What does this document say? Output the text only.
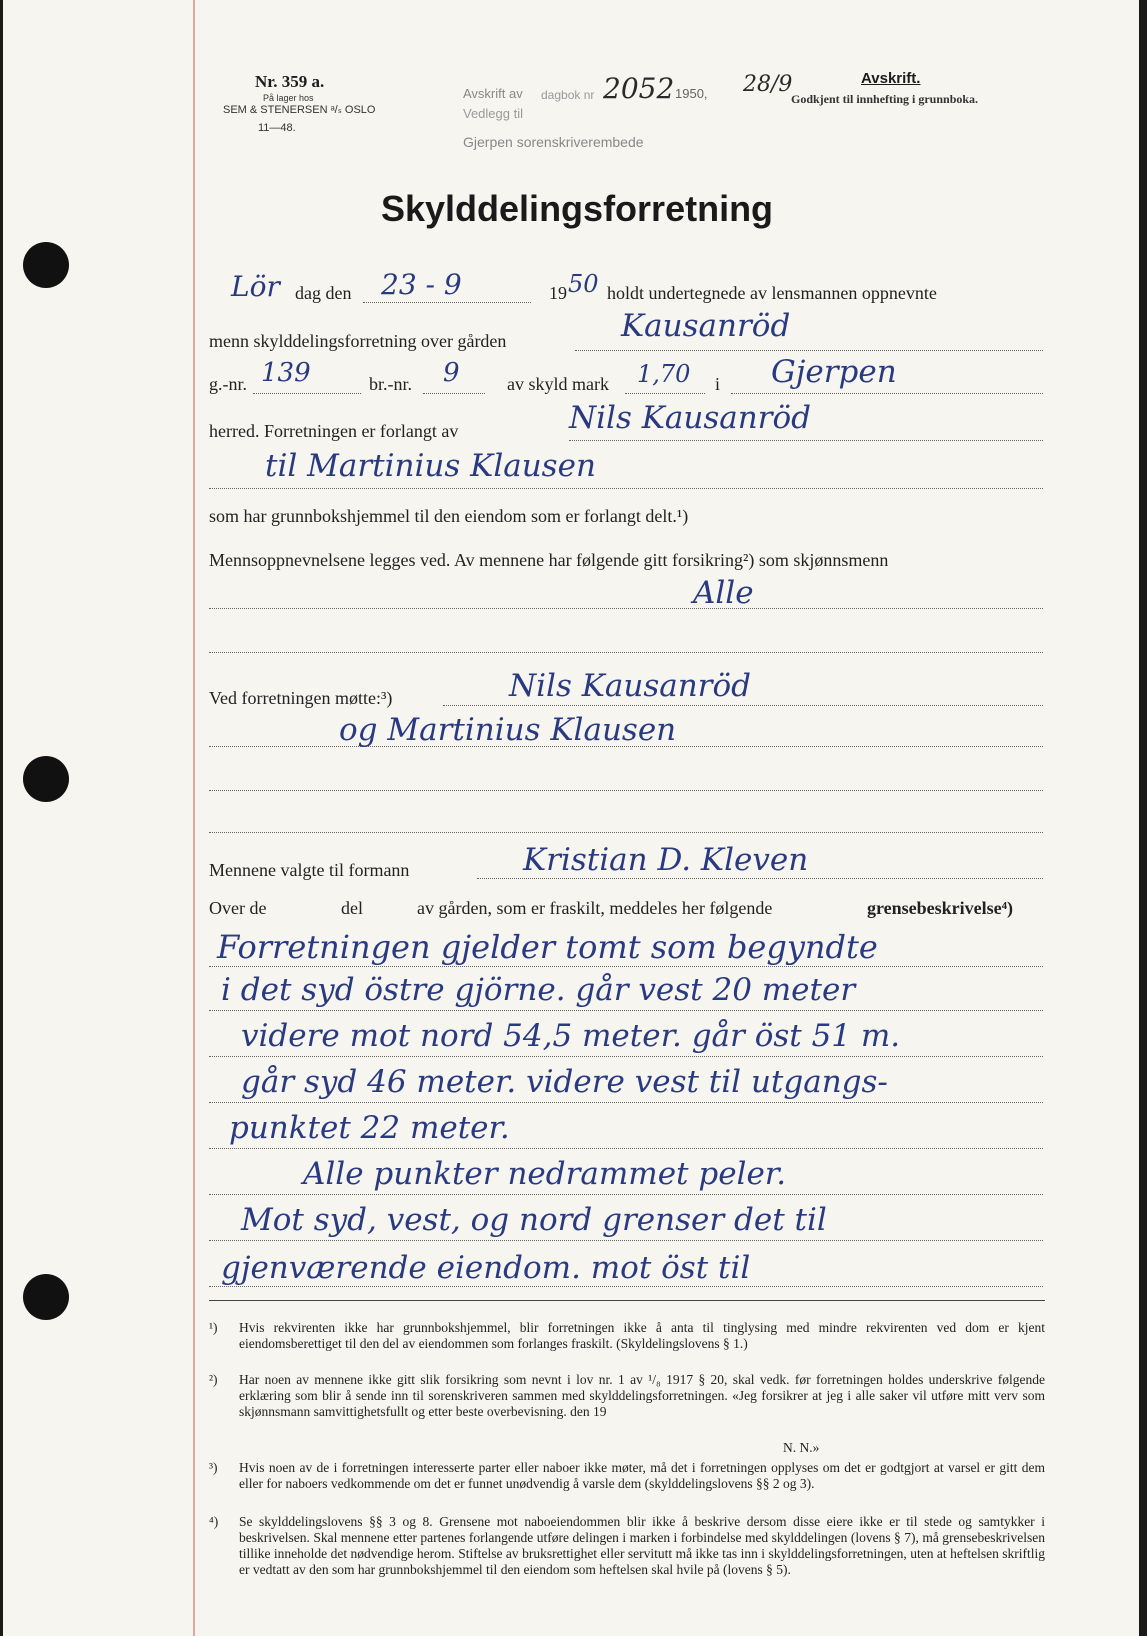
Nr. 359 a.
På lager hos
SEM & STENERSEN ᵃ/ₛ OSLO
11—48.
Avskrift av dagbok nr 2052 1950, 28/9
Vedlegg til
Gjerpen sorenskriverembede
Avskrift.
Godkjent til innhefting i grunnboka.
Skylddelingsforretning
Lör dag den 23 - 9	19 50 holdt undertegnede av lensmannen oppnevnte
menn skylddelingsforretning over gården	Kausanröd
g.-nr. 139	br.-nr. 9	av skyld mark 1,70 i Gjerpen
herred. Forretningen er forlangt av	Nils Kausanröd
til Martinius Klausen
som har grunnbokshjemmel til den eiendom som er forlangt delt.¹)
Mennsoppnevnelsene legges ved. Av mennene har følgende gitt forsikring²) som skjønnsmenn
Alle
Ved forretningen møtte:³)	Nils Kausanröd
og Martinius Klausen
Mennene valgte til formann	Kristian D. Kleven
Over de	del	av gården, som er fraskilt, meddeles her følgende	grensebeskrivelse⁴)
Forretningen gjelder tomt som begyndte
i det syd östre gjörne. går vest 20 meter
videre mot nord 54,5 meter. går öst 51 m.
går syd 46 meter. videre vest til utgangs-
punktet 22 meter.
Alle punkter nedrammet peler.
Mot syd, vest, og nord grenser det til
gjenværende eiendom. mot öst til
¹) Hvis rekvirenten ikke har grunnbokshjemmel, blir forretningen ikke å anta til tinglysing med mindre rekvirenten ved dom er kjent eiendomsberettiget til den del av eiendommen som forlanges fraskilt. (Skyldelingslovens § 1.)
²) Har noen av mennene ikke gitt slik forsikring som nevnt i lov nr. 1 av ¹/₈ 1917 § 20, skal vedk. før forretningen holdes underskrive følgende erklæring som blir å sende inn til sorenskriveren sammen med skylddelingsforretningen. «Jeg forsikrer at jeg i alle saker vil utføre mitt verv som skjønnsmann samvittighetsfullt og etter beste overbevisning. den 19
N. N.»
³) Hvis noen av de i forretningen interesserte parter eller naboer ikke møter, må det i forretningen opplyses om det er godtgjort at varsel er gitt dem eller for naboers vedkommende om det er funnet unødvendig å varsle dem (skylddelingslovens §§ 2 og 3).
⁴) Se skylddelingslovens §§ 3 og 8. Grensene mot naboeiendommen blir ikke å beskrive dersom disse eiere ikke er til stede og samtykker i beskrivelsen. Skal mennene etter partenes forlangende utføre delingen i marken i forbindelse med skylddelingen (lovens § 7), må grensebeskrivelsen tillike inneholde det nødvendige herom. Stiftelse av bruksrettighet eller servitutt må ikke tas inn i skylddelingsforretningen, uten at heftelsen skriftlig er vedtatt av den som har grunnbokshjemmel til den eiendom som heftelsen skal hvile på (lovens § 5).
